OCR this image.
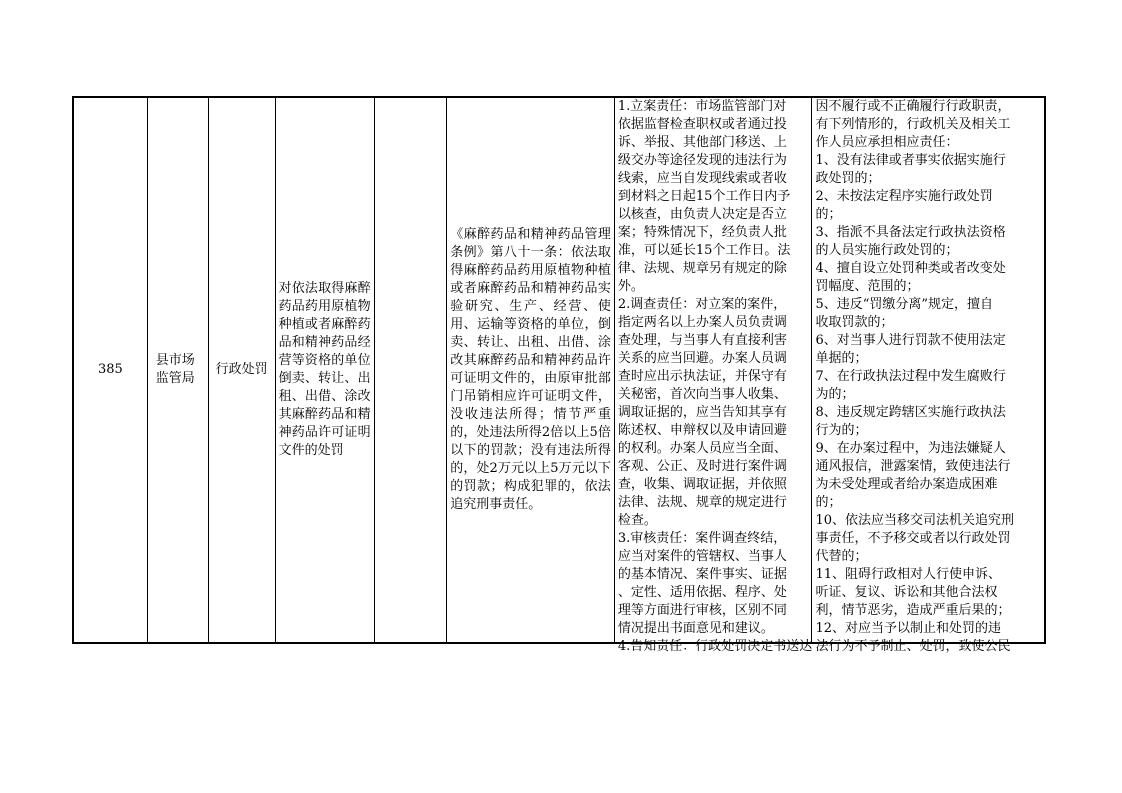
385
县市场监管局
行政处罚
对依法取得麻醉药品药用原植物种植或者麻醉药品和精神药品经营等资格的单位倒卖、转让、出租、出借、涂改其麻醉药品和精神药品许可证明文件的处罚
《麻醉药品和精神药品管理条例》第八十一条：依法取得麻醉药品药用原植物种植或者麻醉药品和精神药品实验研究、生产、经营、使用、运输等资格的单位，倒卖、转让、出租、出借、涂改其麻醉药品和精神药品许可证明文件的，由原审批部门吊销相应许可证明文件，没收违法所得；情节严重的，处违法所得2倍以上5倍以下的罚款；没有违法所得的，处2万元以上5万元以下的罚款；构成犯罪的，依法追究刑事责任。
1.立案责任：市场监管部门对
依据监督检查职权或者通过投
诉、举报、其他部门移送、上
级交办等途径发现的违法行为
线索，应当自发现线索或者收
到材料之日起15个工作日内予
以核查，由负责人决定是否立
案；特殊情况下，经负责人批
准，可以延长15个工作日。法
律、法规、规章另有规定的除
外。
2.调查责任：对立案的案件，
指定两名以上办案人员负责调
查处理，与当事人有直接利害
关系的应当回避。办案人员调
查时应出示执法证，并保守有
关秘密，首次向当事人收集、
调取证据的，应当告知其享有
陈述权、申辩权以及申请回避
的权利。办案人员应当全面、
客观、公正、及时进行案件调
查，收集、调取证据，并依照
法律、法规、规章的规定进行
检查。
3.审核责任：案件调查终结，
应当对案件的管辖权、当事人
的基本情况、案件事实、证据
、定性、适用依据、程序、处
理等方面进行审核，区别不同
情况提出书面意见和建议。
4.告知责任：行政处罚决定书送达
因不履行或不正确履行行政职责，
有下列情形的，行政机关及相关工
作人员应承担相应责任：
1、没有法律或者事实依据实施行
政处罚的；
2、未按法定程序实施行政处罚
的；
3、指派不具备法定行政执法资格
的人员实施行政处罚的；
4、擅自设立处罚种类或者改变处
罚幅度、范围的；
5、违反“罚缴分离”规定，擅自
收取罚款的；
6、对当事人进行罚款不使用法定
单据的；
7、在行政执法过程中发生腐败行
为的；
8、违反规定跨辖区实施行政执法
行为的；
9、在办案过程中，为违法嫌疑人
通风报信，泄露案情，致使违法行
为未受处理或者给办案造成困难
的；
10、依法应当移交司法机关追究刑
事责任，不予移交或者以行政处罚
代替的；
11、阻碍行政相对人行使申诉、
听证、复议、诉讼和其他合法权
利，情节恶劣，造成严重后果的；
12、对应当予以制止和处罚的违
法行为不予制止、处罚，致使公民
